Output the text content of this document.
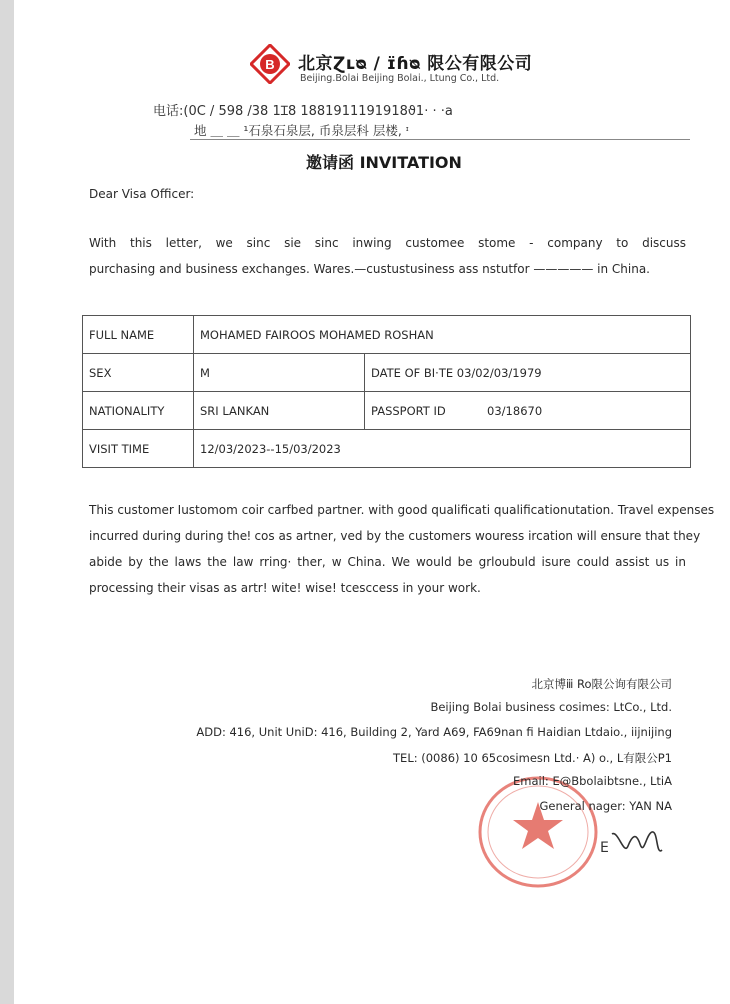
B 北京Ɀʟᴓ / ɪ̈ɦᴓ 限公有限公司
Beijing.Bolai Beijing Bolai., Ltung Co., Ltd.
电话:(0С / 598 /38 1Ɪ8 1881911191918ϑ1· · ·a
地 ＿ ＿ ¹石泉石泉层, 币泉层科 层楼, ᶦ
邀请函 INVITATION
Dear Visa Officer:
With this letter, we sinc sie sinc inwing customee stome - company to discuss
purchasing and business exchanges. Wares.—custustusiness ass nstutfor ————— in China.
FULL NAME	MOHAMED FAIROOS MOHAMED ROSHAN	
SEX	M	DATE OF BI·TE 03/02/03/1979
NATIONALITY	SRI LANKAN	PASSPORT ID 03/18670
VISIT TIME	12/03/2023--15/03/2023	
This customer Iustomom coir carfbed partner. with good qualificati qualificationutation. Travel expenses
incurred during during theǃ cos as artner, ved by the customers wouress ircation will ensure that they
abide by the laws the law rring· ther, w China. We would be grloubuld isure could assist us in
processing their visas as artr! wite! wise! tcesccess in your work.
北京博ⅲ Ro限公询有限公司
Beijing Bolai business cosimes: LtCo., Ltd.
ADD: 416, Unit UniD: 416, Building 2, Yard A69, FA69nan fi Haidian Ltdaio., iijnijing
TEL: (0086) 10 65cosimesn Ltd.· A) o., L有限公P1
Email: E@Bbolaibtsne., LtiA
General nager: YAN NA
E
